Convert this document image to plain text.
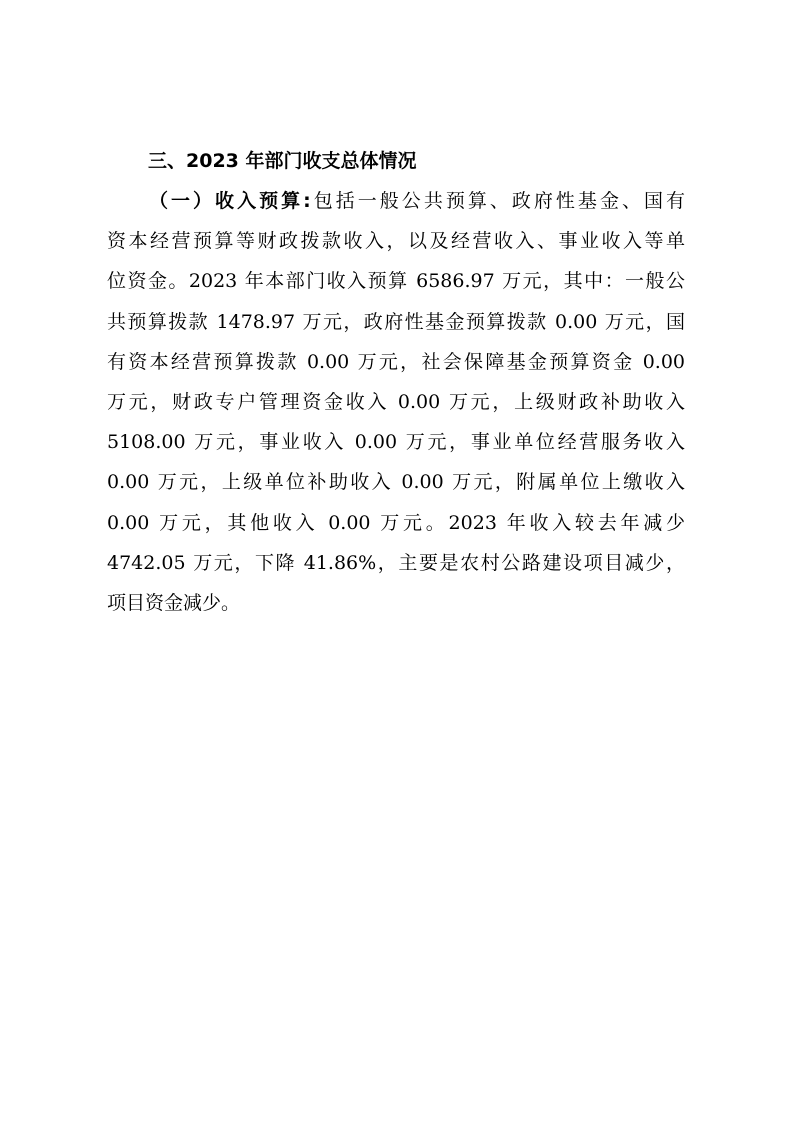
三、2023 年部门收支总体情况
（一）收入预算:包括一般公共预算、政府性基金、国有
资本经营预算等财政拨款收入，以及经营收入、事业收入等单
位资金。2023 年本部门收入预算 6586.97 万元，其中：一般公
共预算拨款 1478.97 万元，政府性基金预算拨款 0.00 万元，国
有资本经营预算拨款 0.00 万元，社会保障基金预算资金 0.00
万元，财政专户管理资金收入 0.00 万元，上级财政补助收入
5108.00 万元，事业收入 0.00 万元，事业单位经营服务收入
0.00 万元，上级单位补助收入 0.00 万元，附属单位上缴收入
0.00 万元，其他收入 0.00 万元。2023 年收入较去年减少
4742.05 万元，下降 41.86%，主要是农村公路建设项目减少，
项目资金减少。
